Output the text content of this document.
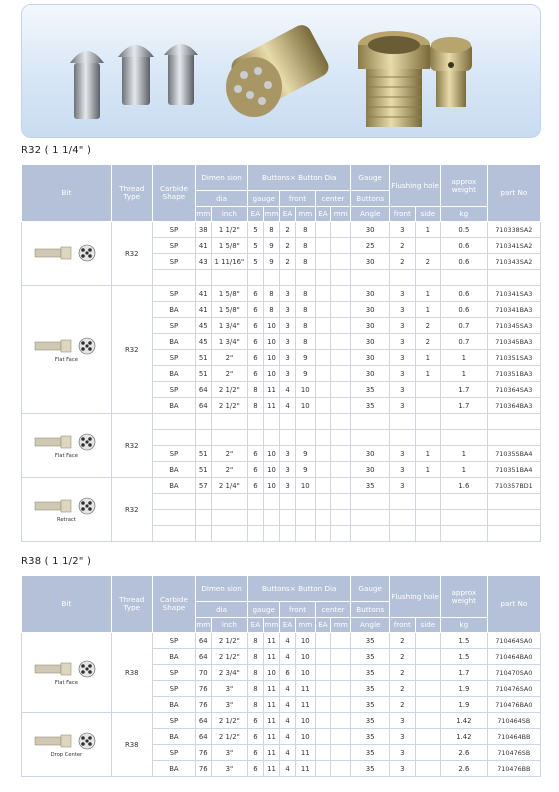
R32 ( 1 1/4" )
Bit	Thread Type	Carbide Shape	Dimen sion		Buttons× Button Dia						Gauge	Flushing hole		approx weight	part No
			dia		gauge		front		center		Buttons				
			mm	inch	EA	mm	EA	mm	EA	mm	Angle	front	side	kg	

	R32	SP	38	1 1/2"	5	8	2	8			30	3	1	0.5	710338SA2
		SP	41	1 5/8"	5	9	2	8			25	2		0.6	710341SA2
		SP	43	1 11/16"	5	9	2	8			30	2	2	0.6	710343SA2

Flat Face	R32	SP	41	1 5/8"	6	8	3	8			30	3	1	0.6	710341SA3
		BA	41	1 5/8"	6	8	3	8			30	3	1	0.6	710341BA3
		SP	45	1 3/4"	6	10	3	8			30	3	2	0.7	710345SA3
		BA	45	1 3/4"	6	10	3	8			30	3	2	0.7	710345BA3
		SP	51	2"	6	10	3	9			30	3	1	1	710351SA3
		BA	51	2"	6	10	3	9			30	3	1	1	710351BA3
		SP	64	2 1/2"	8	11	4	10			35	3		1.7	710364SA3
		BA	64	2 1/2"	8	11	4	10			35	3		1.7	710364BA3

Flat Face	R32														

		SP	51	2"	6	10	3	9			30	3	1	1	71035SBA4
		BA	51	2"	6	10	3	9			30	3	1	1	710351BA4

Retract	R32	BA	57	2 1/4"	6	10	3	10			35	3		1.6	710357BD1

R38 ( 1 1/2" )
Bit	Thread Type	Carbide Shape	Dimen sion		Buttons× Button Dia						Gauge	Flushing hole		approx weight	part No
			dia		gauge		front		center		Buttons				
			mm	inch	EA	mm	EA	mm	EA	mm	Angle	front	side	kg	

Flat Face	R38	SP	64	2 1/2"	8	11	4	10			35	2		1.5	710464SA0
		BA	64	2 1/2"	8	11	4	10			35	2		1.5	710464BA0
		SP	70	2 3/4"	8	10	6	10			35	2		1.7	710470SA0
		SP	76	3"	8	11	4	11			35	2		1.9	710476SA0
		BA	76	3"	8	11	4	11			35	2		1.9	710476BA0

Drop Center	R38	SP	64	2 1/2"	6	11	4	10			35	3		1.42	710464SB
		BA	64	2 1/2"	6	11	4	10			35	3		1.42	710464BB
		SP	76	3"	6	11	4	11			35	3		2.6	710476SB
		BA	76	3"	6	11	4	11			35	3		2.6	710476BB
